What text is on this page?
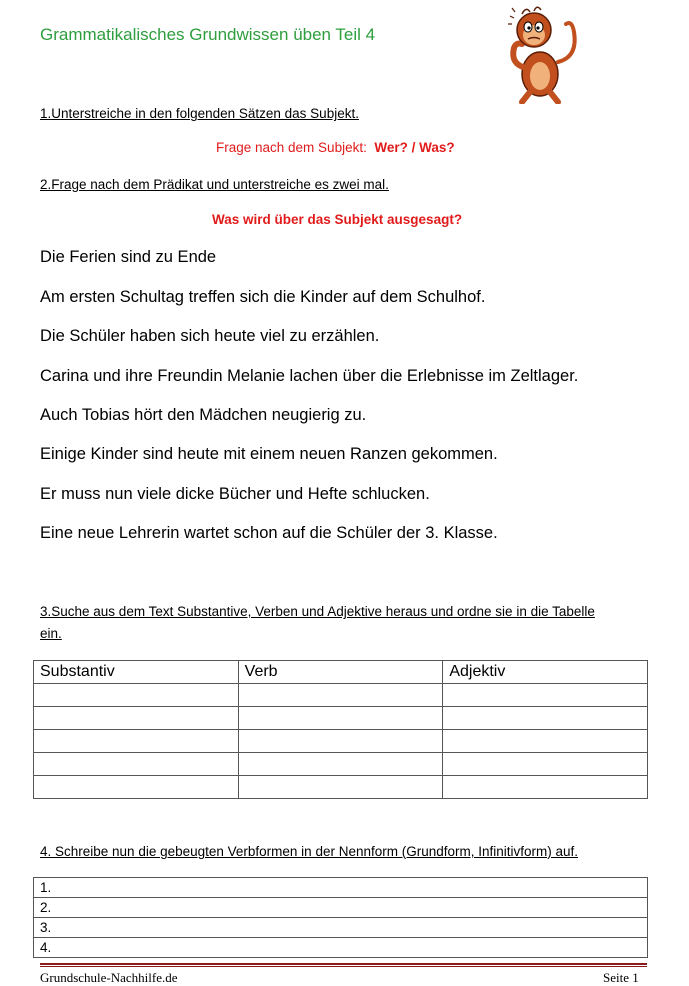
Grammatikalisches Grundwissen üben Teil 4
1.Unterstreiche in den folgenden Sätzen das Subjekt.
Frage nach dem Subjekt: Wer? / Was?
2.Frage nach dem Prädikat und unterstreiche es zwei mal.
Was wird über das Subjekt ausgesagt?
Die Ferien sind zu Ende
Am ersten Schultag treffen sich die Kinder auf dem Schulhof.
Die Schüler haben sich heute viel zu erzählen.
Carina und ihre Freundin Melanie lachen über die Erlebnisse im Zeltlager.
Auch Tobias hört den Mädchen neugierig zu.
Einige Kinder sind heute mit einem neuen Ranzen gekommen.
Er muss nun viele dicke Bücher und Hefte schlucken.
Eine neue Lehrerin wartet schon auf die Schüler der 3. Klasse.
3.Suche aus dem Text Substantive, Verben und Adjektive heraus und ordne sie in die Tabelle
ein.
Substantiv	Verb	Adjektiv

4. Schreibe nun die gebeugten Verbformen in der Nennform (Grundform, Infinitivform) auf.
1.
2.
3.
4.
Grundschule-Nachhilfe.de	Seite 1
